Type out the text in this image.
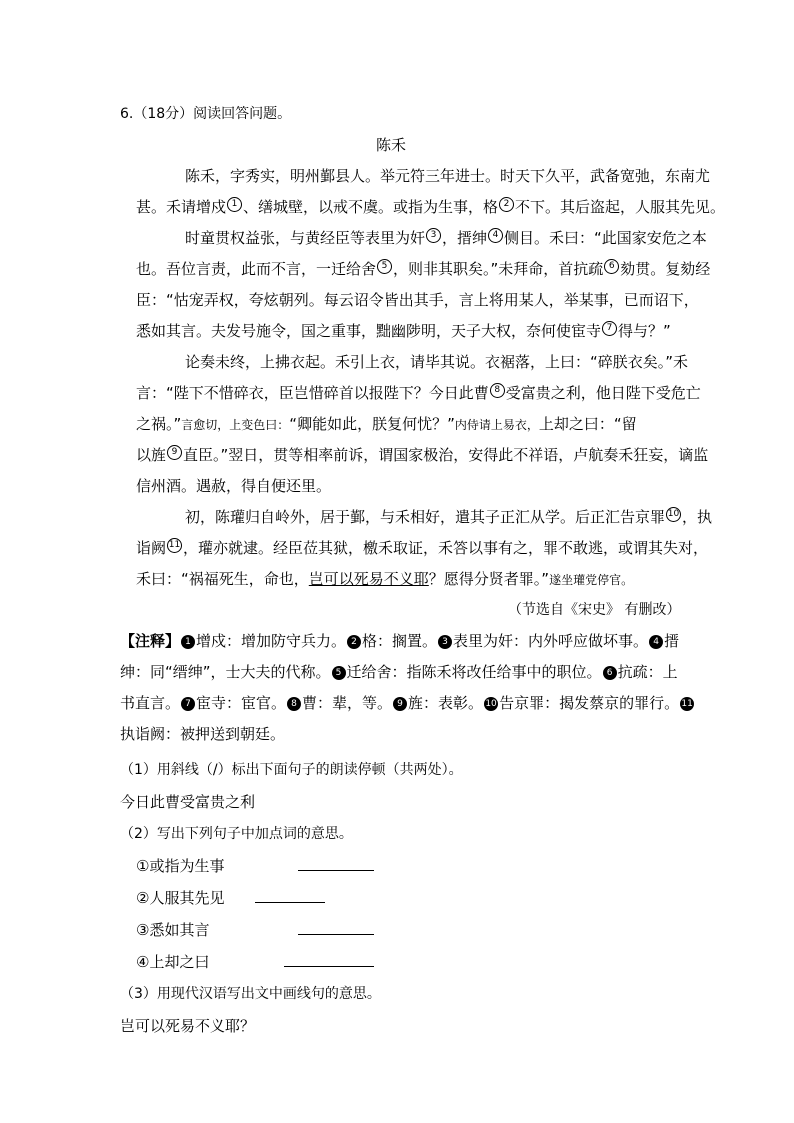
6.（18分）阅读回答问题。
陈禾
陈禾，字秀实，明州鄞县人。举元符三年进士。时天下久平，武备宽弛，东南尤
甚。禾请增戍 1 、缮城壁，以戒不虞。或指为生事，格 2 不下。其后盗起，人服其先见。
时童贯权益张，与黄经臣等表里为奸 3 ，搢绅 4 侧目。禾曰：“此国家安危之本
也。吾位言责，此而不言，一迁给舍 5 ，则非其职矣。”未拜命，首抗疏 6 劾贯。复劾经
臣：“怙宠弄权，夸炫朝列。每云诏令皆出其手，言上将用某人，举某事，已而诏下，
悉如其言。夫发号施令，国之重事，黜幽陟明，天子大权，奈何使宦寺 7 得与？”
论奏未终，上拂衣起。禾引上衣，请毕其说。衣裾落，上曰：“碎朕衣矣。”禾
言：“陛下不惜碎衣，臣岂惜碎首以报陛下？今日此曹 8 受富贵之利，他日陛下受危亡
之祸。”言愈切，上变色曰：“卿能如此，朕复何忧？”内侍请上易衣，上却之曰：“留
以旌 9 直臣。”翌日，贯等相率前诉，谓国家极治，安得此不祥语，卢航奏禾狂妄，谪监
信州酒。遇赦，得自便还里。
初，陈瓘归自岭外，居于鄞，与禾相好，遣其子正汇从学。后正汇告京罪 10 ，执
诣阙 11 ，瓘亦就逮。经臣莅其狱，檄禾取证，禾答以事有之，罪不敢逃，或谓其失对，
禾曰：“祸福死生，命也，岂可以死易不义耶？愿得分贤者罪。”遂坐瓘党停官。
（节选自《宋史》 有删改）
【注释】 1 增戍：增加防守兵力。 2 格：搁置。 3 表里为奸：内外呼应做坏事。 4 搢
绅：同“缙绅”，士大夫的代称。 5 迁给舍：指陈禾将改任给事中的职位。 6 抗疏：上
书直言。 7 宦寺：宦官。 8 曹：辈，等。 9 旌：表彰。 10 告京罪：揭发蔡京的罪行。 11
执诣阙：被押送到朝廷。
（1）用斜线（/）标出下面句子的朗读停顿（共两处）。
今日此曹受富贵之利
（2）写出下列句子中加点词的意思。
①或指为生事
②人服其先见
③悉如其言
④上却之曰
（3）用现代汉语写出文中画线句的意思。
岂可以死易不义耶？
